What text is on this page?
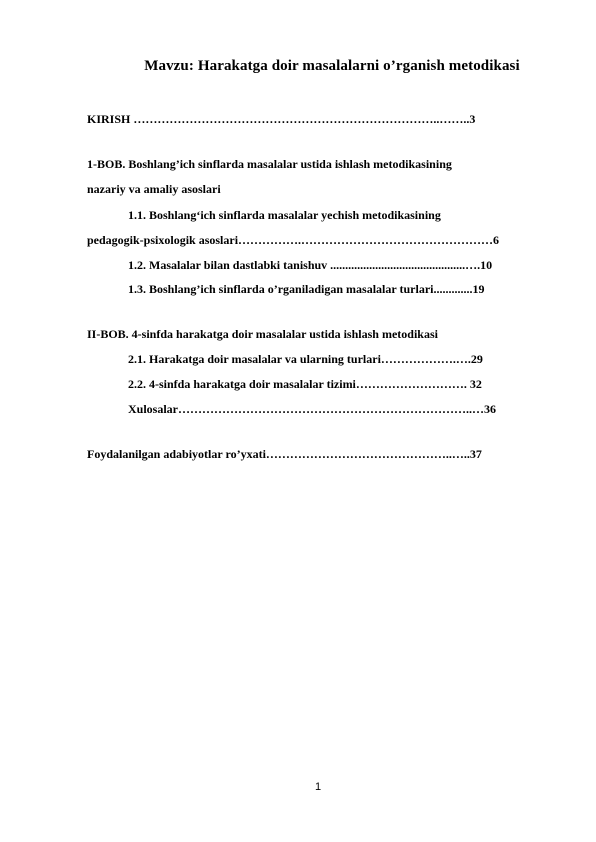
Mavzu: Harakatga doir masalalarni o’rganish metodikasi
KIRISH …………………………………………………………………..……..3
1-BOB. Boshlang’ich sinflarda masalalar ustida ishlash metodikasining
nazariy va amaliy asoslari
1.1. Boshlang‘ich sinflarda masalalar yechish metodikasining
pedagogik-psixologik asoslari…………….…………………………………………6
1.2. Masalalar bilan dastlabki tanishuv .............................................….10
1.3. Boshlang’ich sinflarda o’rganiladigan masalalar turlari.............19
II-BOB. 4-sinfda harakatga doir masalalar ustida ishlash metodikasi
2.1. Harakatga doir masalalar va ularning turlari……………….….29
2.2. 4-sinfda harakatga doir masalalar tizimi………………………. 32
Xulosalar………………………………………………………………..…36
Foydalanilgan adabiyotlar ro’yxati………………………………………..…..37
1
